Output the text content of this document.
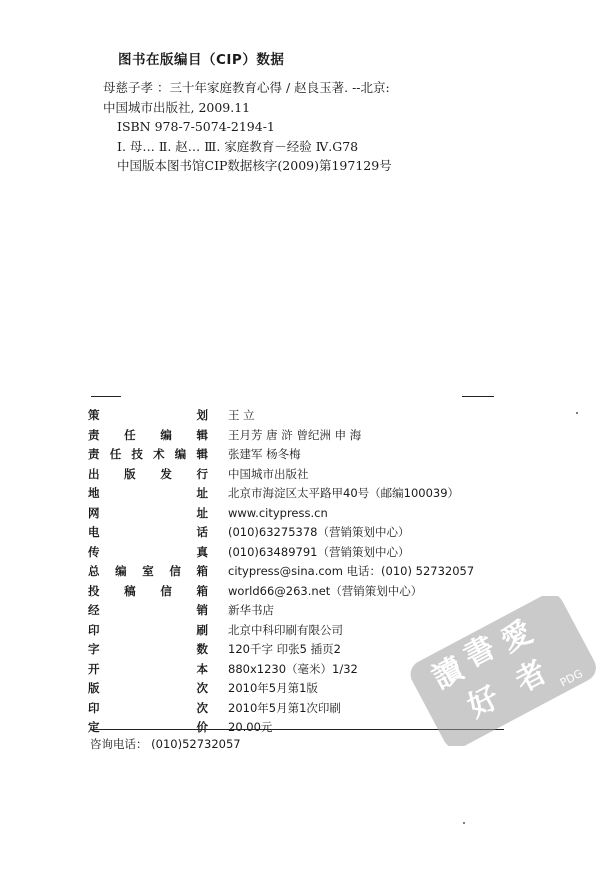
图书在版编目（CIP）数据
母慈子孝 ：三十年家庭教育心得 / 赵良玉著. --北京:
中国城市出版社, 2009.11
ISBN 978-7-5074-2194-1
Ⅰ. 母… Ⅱ. 赵… Ⅲ. 家庭教育－经验 Ⅳ.G78
中国版本图书馆CIP数据核字(2009)第197129号
策	划 王 立
责 任 编 辑 王月芳 唐 浒 曾纪洲 申 海
责 任 技 术 编 辑 张建军 杨冬梅
出 版 发 行 中国城市出版社
地	址 北京市海淀区太平路甲40号（邮编100039）
网	址 www.citypress.cn
电	话 (010)63275378（营销策划中心）
传	真 (010)63489791（营销策划中心）
总 编 室 信 箱 citypress@sina.com 电话：(010) 52732057
投 稿 信 箱 world66@263.net（营销策划中心）
经	销 新华书店
印	刷 北京中科印刷有限公司
字	数 120千字 印张5 插页2
开	本 880x1230（毫米）1/32
版	次 2010年5月第1版
印	次 2010年5月第1次印刷
定	价 20.00元
咨询电话： (010)52732057
讀
書
愛
好
者 PDG
